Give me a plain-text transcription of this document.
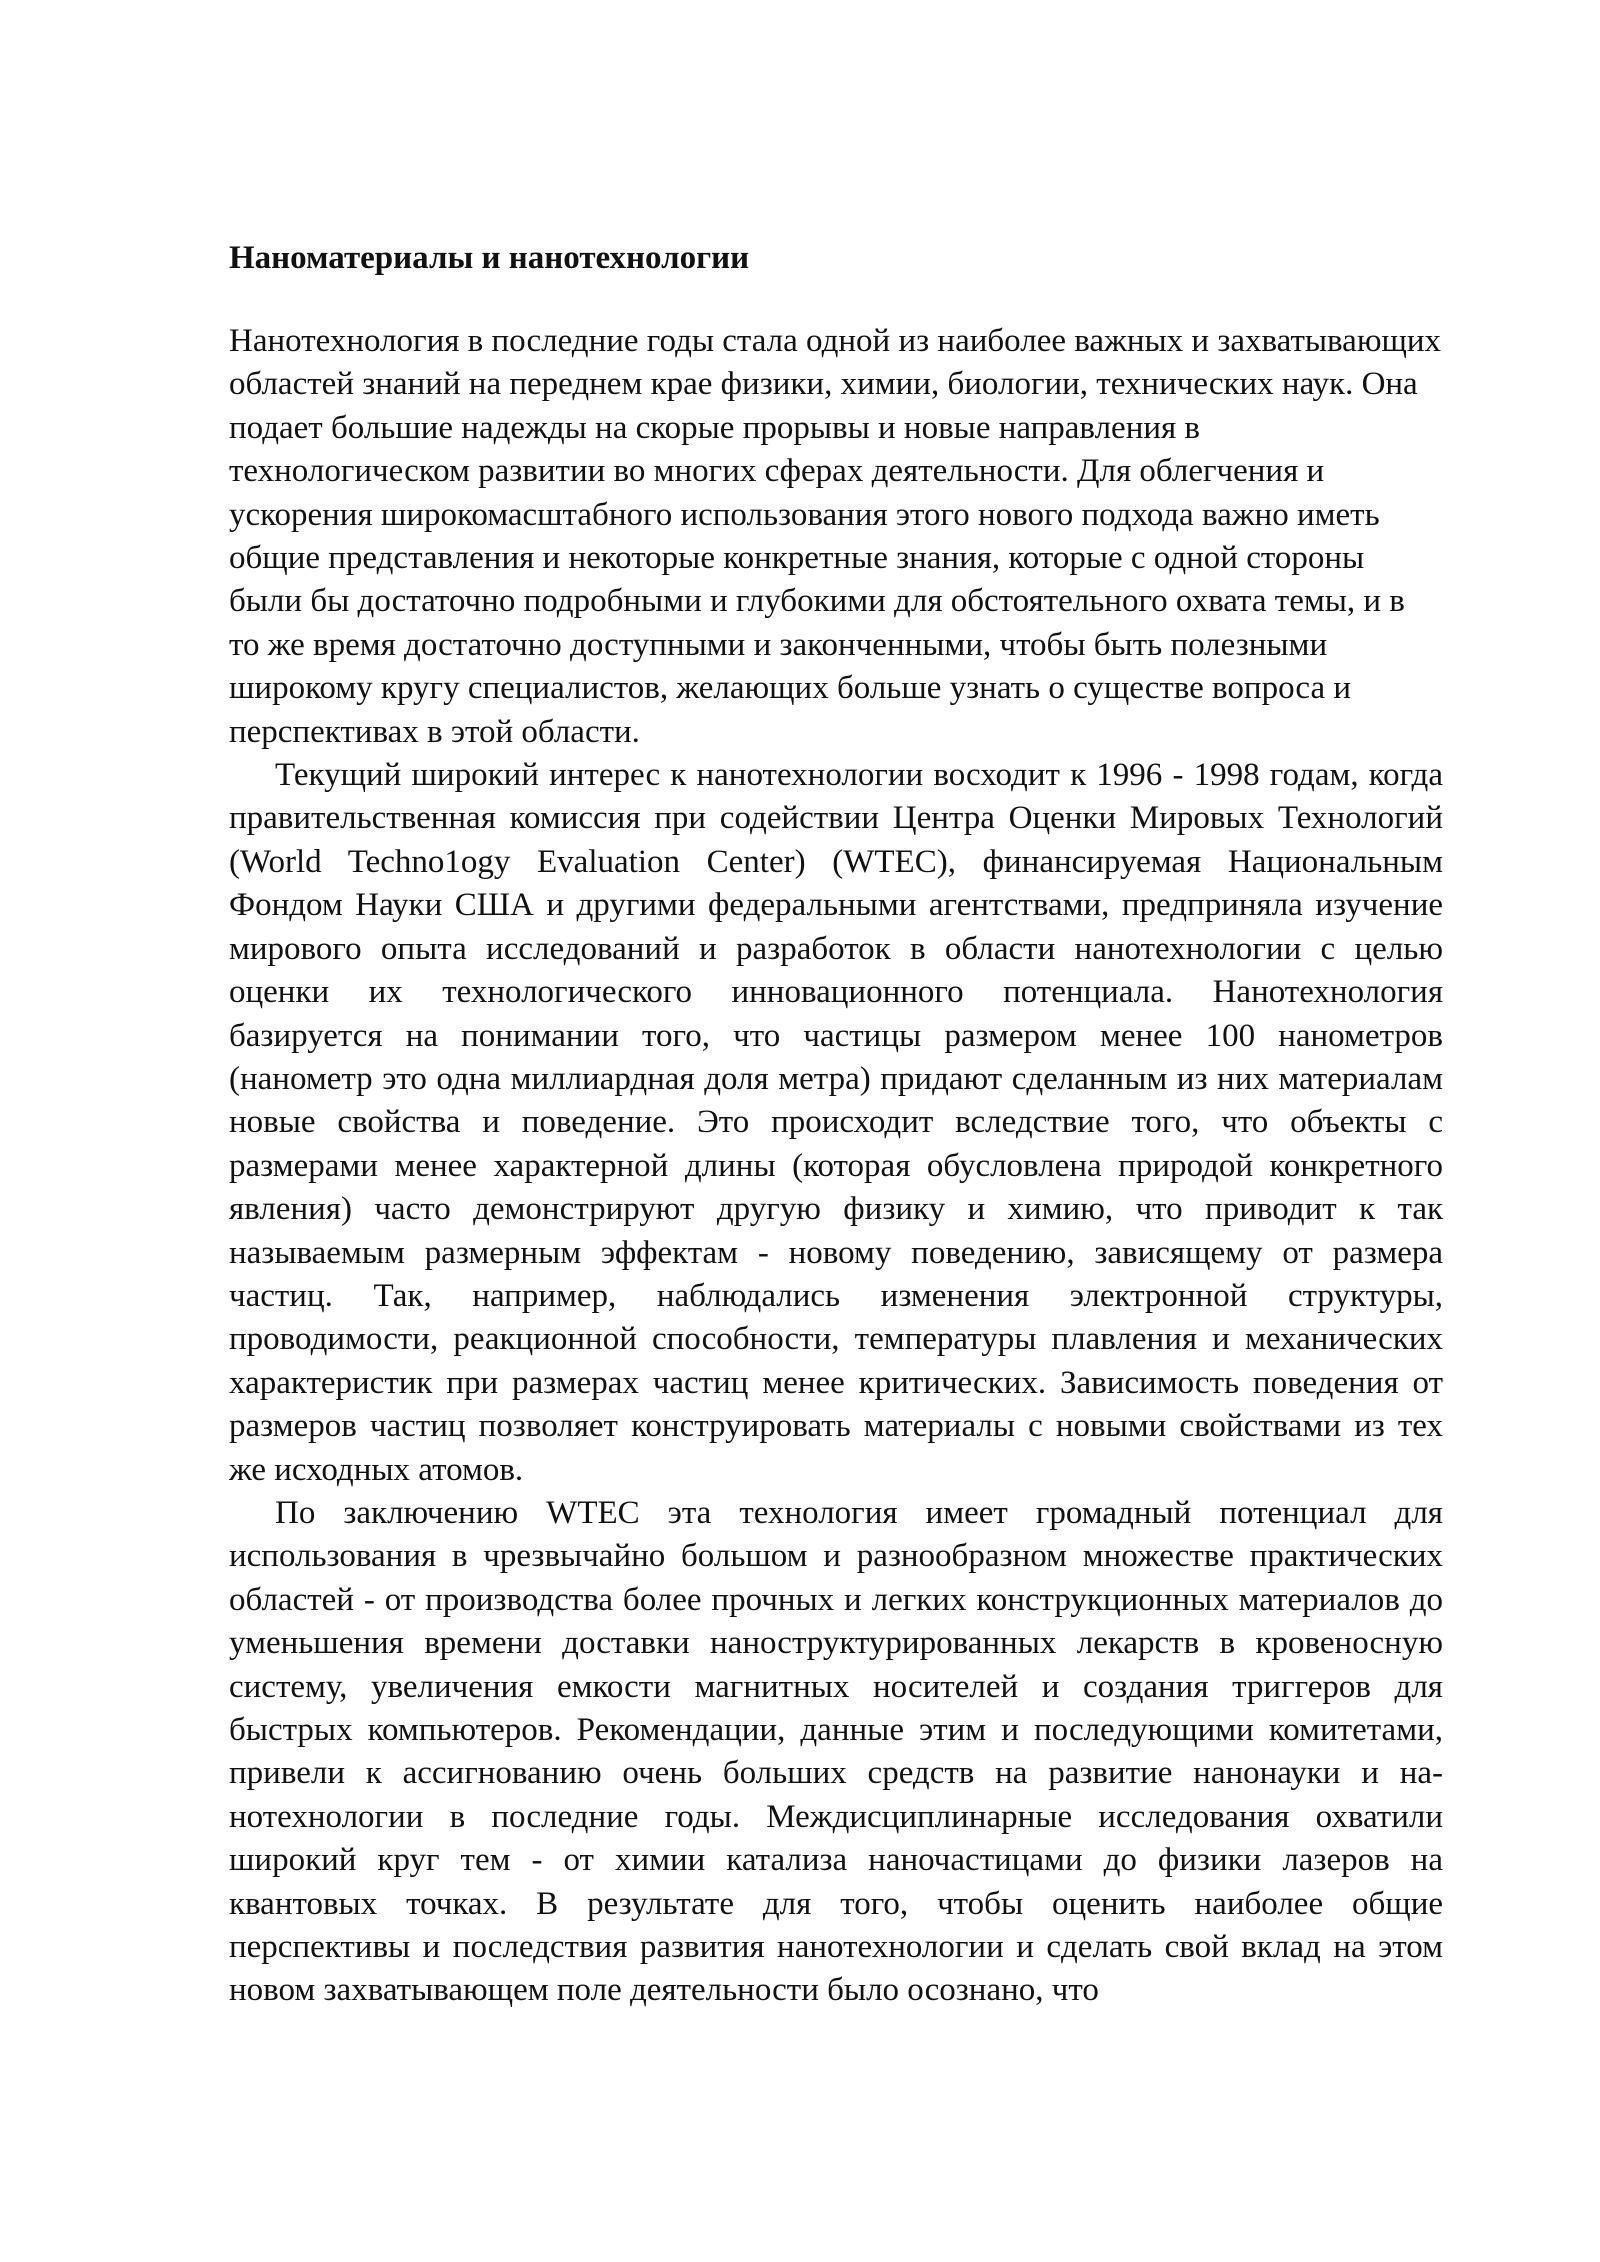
Наноматериалы и нанотехнологии

Нанотехнология в последние годы стала одной из наиболее важных и захватывающих областей знаний на переднем крае физики, химии, биологии, технических наук. Она подает большие надежды на скорые прорывы и новые направления в технологическом развитии во многих сферах деятельности. Для облегчения и ускорения широкомасштабного использования этого нового подхода важно иметь общие представления и некоторые конкретные знания, которые с одной стороны были бы достаточно подробными и глубокими для обстоятельного охвата темы, и в то же время достаточно доступными и законченными, чтобы быть полезными широкому кругу специалистов, желающих больше узнать о существе вопроса и перспективах в этой области.

Текущий широкий интерес к нанотехнологии восходит к 1996 - 1998 годам, когда правительственная комиссия при содействии Центра Оценки Мировых Технологий (World Techno1ogy Evaluation Center) (WTEC), финансируемая Национальным Фондом Науки США и другими федеральными агентствами, предприняла изучение мирового опыта исследований и разработок в области нанотехнологии с целью оценки их технологического инновационного потенциала. Нанотехнология базируется на понимании того, что частицы размером менее 100 нанометров (нанометр это одна миллиардная доля метра) придают сделанным из них материалам новые свойства и поведение. Это происходит вследствие того, что объекты с размерами менее характерной длины (которая обусловлена природой конкретного явления) часто демонстрируют другую физику и химию, что приводит к так называемым размерным эффектам - новому поведению, зависящему от размера частиц. Так, например, наблюдались изменения электронной структуры, проводимости, реакционной способности, температуры плавления и механических характеристик при размерах частиц менее критических. Зависимость поведения от размеров частиц позволяет конструировать материалы с новыми свойствами из тех же исходных атомов.

По заключению WTEC эта технология имеет громадный потенциал для использования в чрезвычайно большом и разнообразном множестве практических областей - от производства более прочных и легких конструкционных материалов до уменьшения времени доставки наноструктурированных лекарств в кровеносную систему, увеличения емкости магнитных носителей и создания триггеров для быстрых компьютеров. Рекомендации, данные этим и последующими комитетами, привели к ассигнованию очень больших средств на развитие нанонауки и нанотехнологии в последние годы. Междисциплинарные исследования охватили широкий круг тем - от химии катализа наночастицами до физики лазеров на квантовых точках. В результате для того, чтобы оценить наиболее общие перспективы и последствия развития нанотехнологии и сделать свой вклад на этом новом захватывающем поле деятельности было осознано, что
